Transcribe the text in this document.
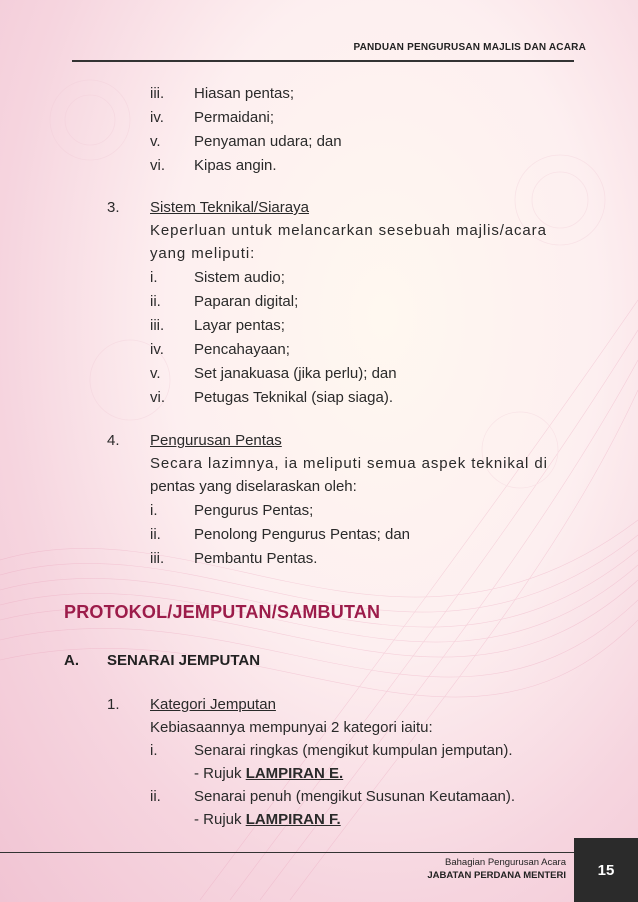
PANDUAN PENGURUSAN MAJLIS DAN ACARA
iii. Hiasan pentas;
iv. Permaidani;
v. Penyaman udara; dan
vi. Kipas angin.
3. Sistem Teknikal/Siaraya
Keperluan untuk melancarkan sesebuah majlis/acara
yang meliputi:
i. Sistem audio;
ii. Paparan digital;
iii. Layar pentas;
iv. Pencahayaan;
v. Set janakuasa (jika perlu); dan
vi. Petugas Teknikal (siap siaga).
4. Pengurusan Pentas
Secara lazimnya, ia meliputi semua aspek teknikal di
pentas yang diselaraskan oleh:
i. Pengurus Pentas;
ii. Penolong Pengurus Pentas; dan
iii. Pembantu Pentas.
PROTOKOL/JEMPUTAN/SAMBUTAN
A. SENARAI JEMPUTAN
1. Kategori Jemputan
Kebiasaannya mempunyai 2 kategori iaitu:
i. Senarai ringkas (mengikut kumpulan jemputan).
- Rujuk LAMPIRAN E.
ii. Senarai penuh (mengikut Susunan Keutamaan).
- Rujuk LAMPIRAN F.
Bahagian Pengurusan Acara
JABATAN PERDANA MENTERI 15
